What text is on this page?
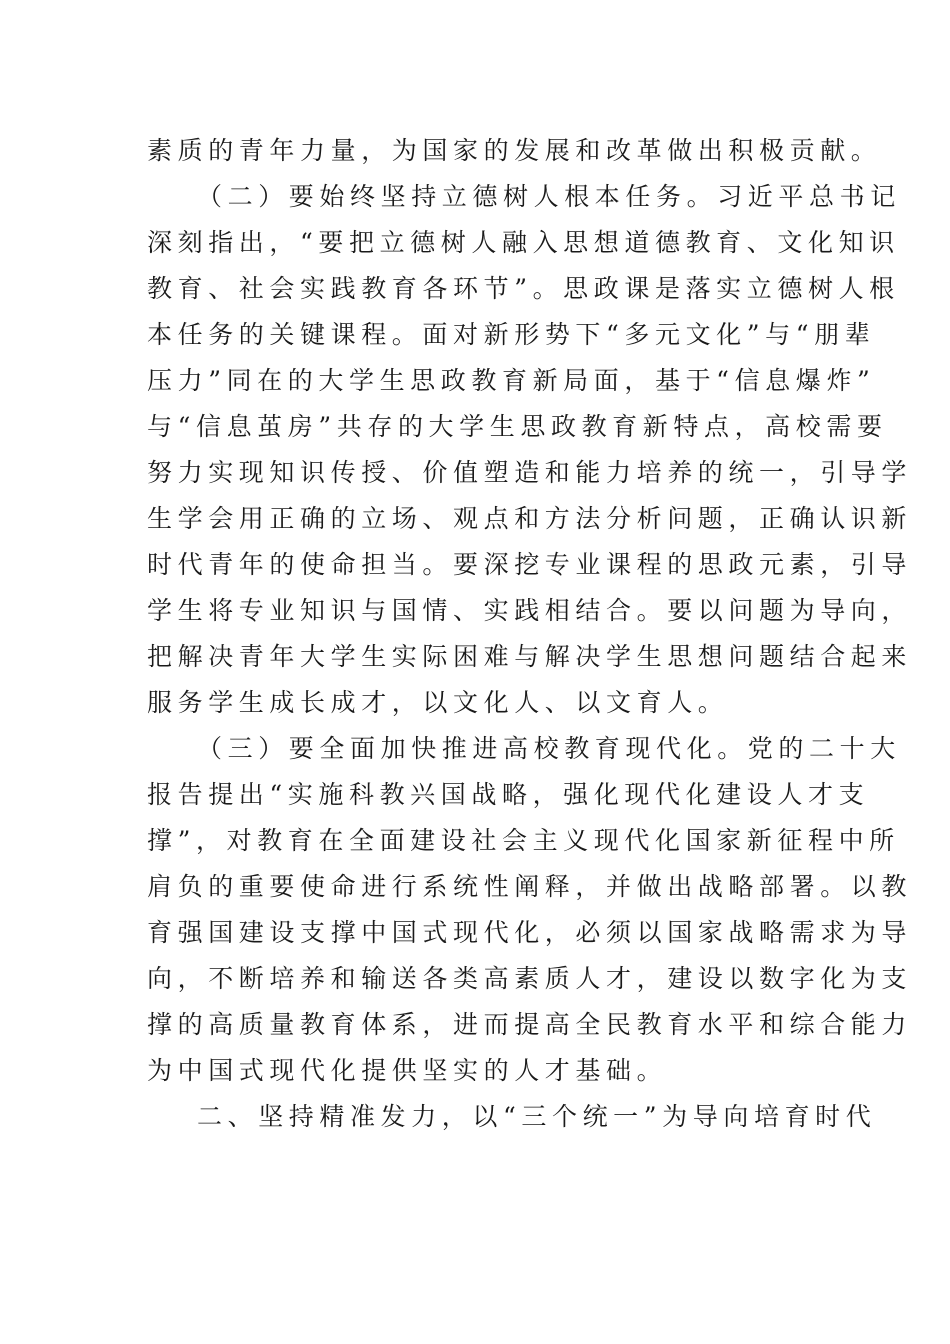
素质的青年力量，为国家的发展和改革做出积极贡献。
（二）要始终坚持立德树人根本任务。习近平总书记
深刻指出，“要把立德树人融入思想道德教育、文化知识
教育、社会实践教育各环节”。思政课是落实立德树人根
本任务的关键课程。面对新形势下“多元文化”与“朋辈
压力”同在的大学生思政教育新局面，基于“信息爆炸”
与“信息茧房”共存的大学生思政教育新特点，高校需要
努力实现知识传授、价值塑造和能力培养的统一，引导学
生学会用正确的立场、观点和方法分析问题，正确认识新
时代青年的使命担当。要深挖专业课程的思政元素，引导
学生将专业知识与国情、实践相结合。要以问题为导向，
把解决青年大学生实际困难与解决学生思想问题结合起来
服务学生成长成才，以文化人、以文育人。
（三）要全面加快推进高校教育现代化。党的二十大
报告提出“实施科教兴国战略，强化现代化建设人才支
撑”，对教育在全面建设社会主义现代化国家新征程中所
肩负的重要使命进行系统性阐释，并做出战略部署。以教
育强国建设支撑中国式现代化，必须以国家战略需求为导
向，不断培养和输送各类高素质人才，建设以数字化为支
撑的高质量教育体系，进而提高全民教育水平和综合能力
为中国式现代化提供坚实的人才基础。
二、坚持精准发力，以“三个统一”为导向培育时代
